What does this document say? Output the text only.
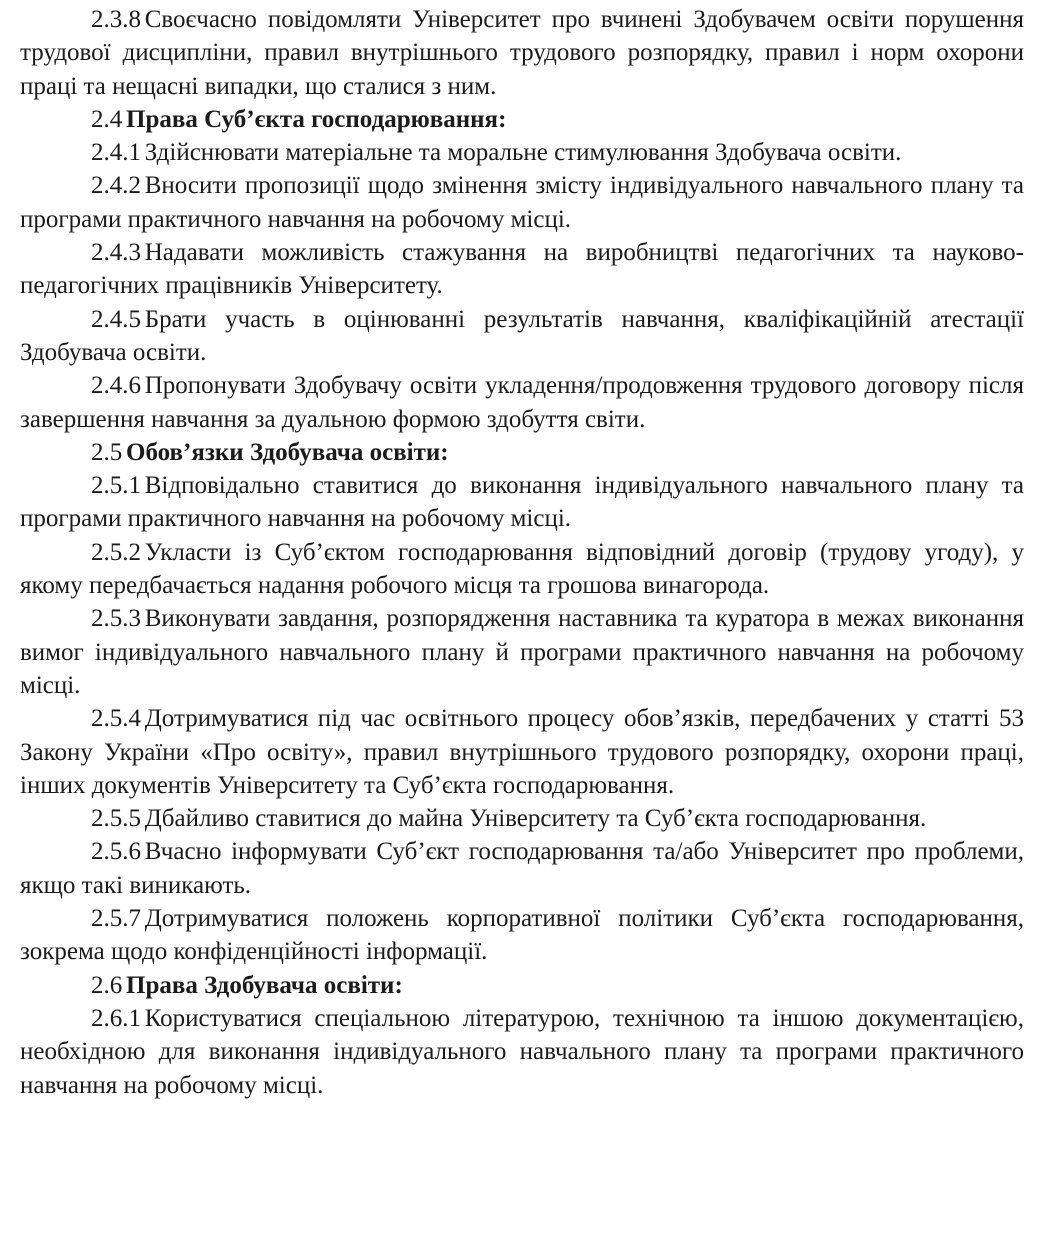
2.3.8 Своєчасно повідомляти Університет про вчинені Здобувачем освіти порушення трудової дисципліни, правил внутрішнього трудового розпорядку, правил і норм охорони праці та нещасні випадки, що сталися з ним.

2.4 Права Суб’єкта господарювання:

2.4.1 Здійснювати матеріальне та моральне стимулювання Здобувача освіти.

2.4.2 Вносити пропозиції щодо змінення змісту індивідуального навчального плану та програми практичного навчання на робочому місці.

2.4.3 Надавати можливість стажування на виробництві педагогічних та науково-педагогічних працівників Університету.

2.4.5 Брати участь в оцінюванні результатів навчання, кваліфікаційній атестації Здобувача освіти.

2.4.6 Пропонувати Здобувачу освіти укладення/продовження трудового договору після завершення навчання за дуальною формою здобуття світи.

2.5 Обов’язки Здобувача освіти:

2.5.1 Відповідально ставитися до виконання індивідуального навчального плану та програми практичного навчання на робочому місці.

2.5.2 Укласти із Суб’єктом господарювання відповідний договір (трудову угоду), у якому передбачається надання робочого місця та грошова винагорода.

2.5.3 Виконувати завдання, розпорядження наставника та куратора в межах виконання вимог індивідуального навчального плану й програми практичного навчання на робочому місці.

2.5.4 Дотримуватися під час освітнього процесу обов’язків, передбачених у статті 53 Закону України «Про освіту», правил внутрішнього трудового розпорядку, охорони праці, інших документів Університету та Суб’єкта господарювання.

2.5.5 Дбайливо ставитися до майна Університету та Суб’єкта господарювання.

2.5.6 Вчасно інформувати Суб’єкт господарювання та/або Університет про проблеми, якщо такі виникають.

2.5.7 Дотримуватися положень корпоративної політики Суб’єкта господарювання, зокрема щодо конфіденційності інформації.

2.6 Права Здобувача освіти:

2.6.1 Користуватися спеціальною літературою, технічною та іншою документацією, необхідною для виконання індивідуального навчального плану та програми практичного навчання на робочому місці.
